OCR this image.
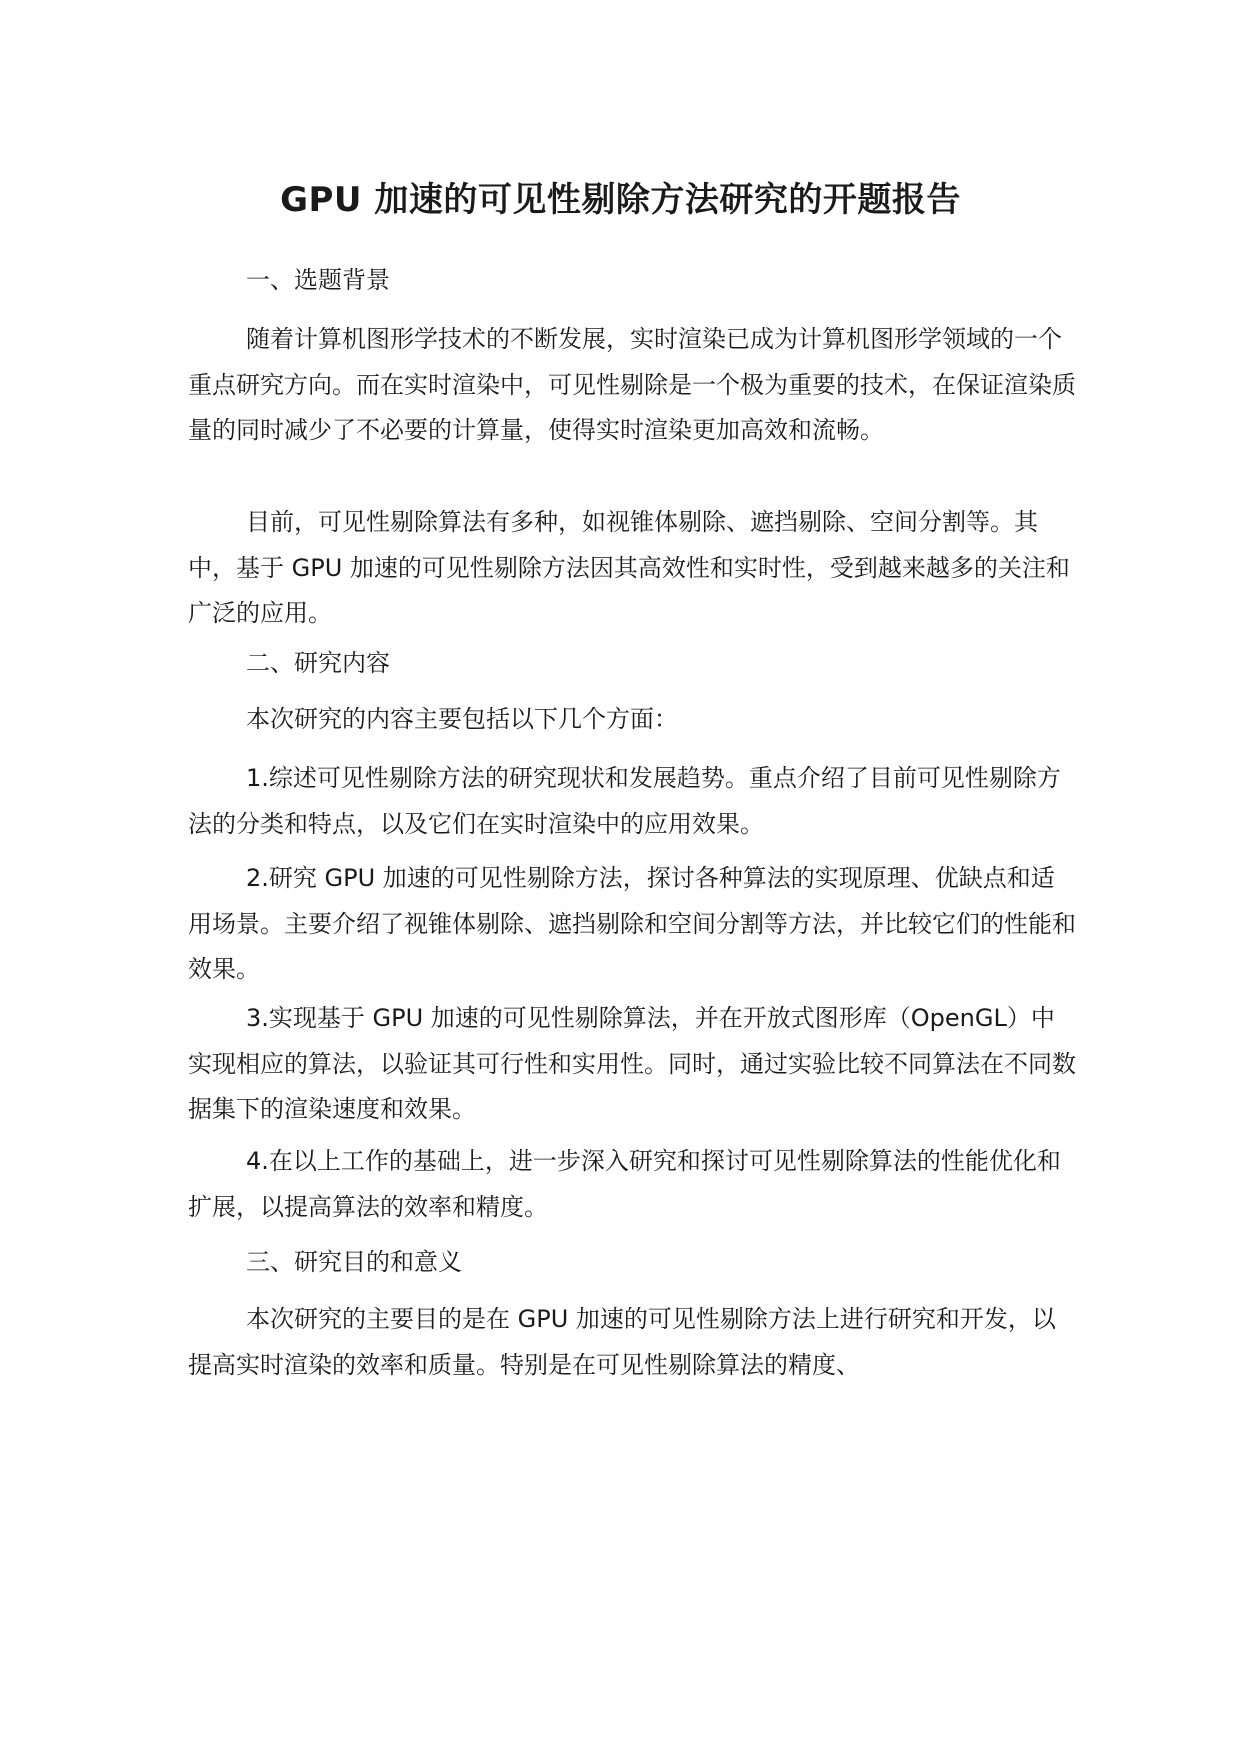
GPU 加速的可见性剔除方法研究的开题报告

一、选题背景

随着计算机图形学技术的不断发展，实时渲染已成为计算机图形学领域的一个重点研究方向。而在实时渲染中，可见性剔除是一个极为重要的技术，在保证渲染质量的同时减少了不必要的计算量，使得实时渲染更加高效和流畅。

目前，可见性剔除算法有多种，如视锥体剔除、遮挡剔除、空间分割等。其中，基于 GPU 加速的可见性剔除方法因其高效性和实时性，受到越来越多的关注和广泛的应用。

二、研究内容

本次研究的内容主要包括以下几个方面：

1.综述可见性剔除方法的研究现状和发展趋势。重点介绍了目前可见性剔除方法的分类和特点，以及它们在实时渲染中的应用效果。

2.研究 GPU 加速的可见性剔除方法，探讨各种算法的实现原理、优缺点和适用场景。主要介绍了视锥体剔除、遮挡剔除和空间分割等方法，并比较它们的性能和效果。

3.实现基于 GPU 加速的可见性剔除算法，并在开放式图形库（OpenGL）中实现相应的算法，以验证其可行性和实用性。同时，通过实验比较不同算法在不同数据集下的渲染速度和效果。

4.在以上工作的基础上，进一步深入研究和探讨可见性剔除算法的性能优化和扩展，以提高算法的效率和精度。

三、研究目的和意义

本次研究的主要目的是在 GPU 加速的可见性剔除方法上进行研究和开发，以提高实时渲染的效率和质量。特别是在可见性剔除算法的精度、
